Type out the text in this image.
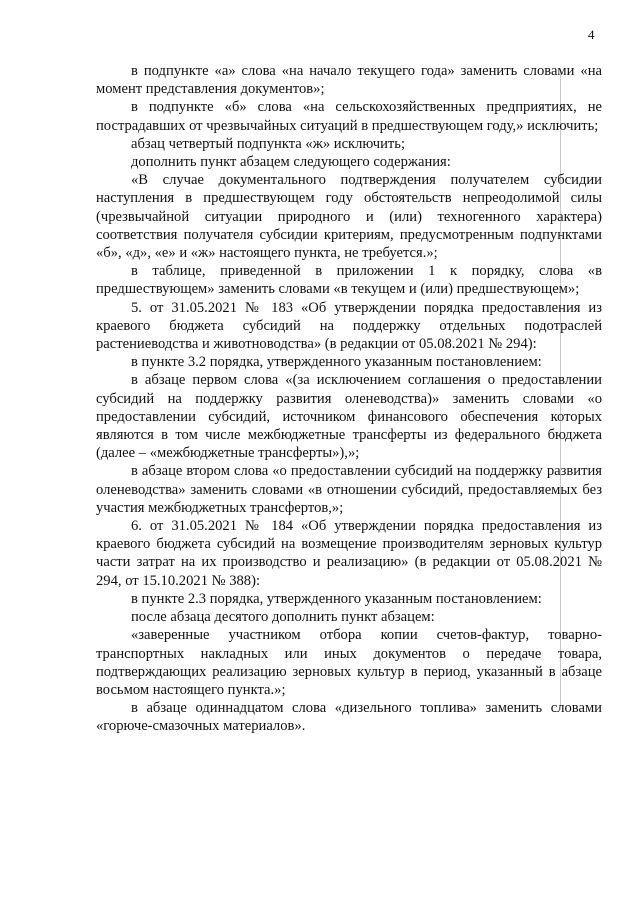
4

в подпункте «а» слова «на начало текущего года» заменить словами «на момент представления документов»;

в подпункте «б» слова «на сельскохозяйственных предприятиях, не пострадавших от чрезвычайных ситуаций в предшествующем году,» исключить;

абзац четвертый подпункта «ж» исключить;

дополнить пункт абзацем следующего содержания:

«В случае документального подтверждения получателем субсидии наступления в предшествующем году обстоятельств непреодолимой силы (чрезвычайной ситуации природного и (или) техногенного характера) соответствия получателя субсидии критериям, предусмотренным подпунктами «б», «д», «е» и «ж» настоящего пункта, не требуется.»;

в таблице, приведенной в приложении 1 к порядку, слова «в предшествующем» заменить словами «в текущем и (или) предшествующем»;

5. от 31.05.2021 № 183 «Об утверждении порядка предоставления из краевого бюджета субсидий на поддержку отдельных подотраслей растениеводства и животноводства» (в редакции от 05.08.2021 № 294):

в пункте 3.2 порядка, утвержденного указанным постановлением:

в абзаце первом слова «(за исключением соглашения о предоставлении субсидий на поддержку развития оленеводства)» заменить словами «о предоставлении субсидий, источником финансового обеспечения которых являются в том числе межбюджетные трансферты из федерального бюджета (далее – «межбюджетные трансферты»),»;

в абзаце втором слова «о предоставлении субсидий на поддержку развития оленеводства» заменить словами «в отношении субсидий, предоставляемых без участия межбюджетных трансфертов,»;

6. от 31.05.2021 № 184 «Об утверждении порядка предоставления из краевого бюджета субсидий на возмещение производителям зерновых культур части затрат на их производство и реализацию» (в редакции от 05.08.2021 № 294, от 15.10.2021 № 388):

в пункте 2.3 порядка, утвержденного указанным постановлением:

после абзаца десятого дополнить пункт абзацем:

«заверенные участником отбора копии счетов-фактур, товарно-транспортных накладных или иных документов о передаче товара, подтверждающих реализацию зерновых культур в период, указанный в абзаце восьмом настоящего пункта.»;

в абзаце одиннадцатом слова «дизельного топлива» заменить словами «горюче-смазочных материалов».
